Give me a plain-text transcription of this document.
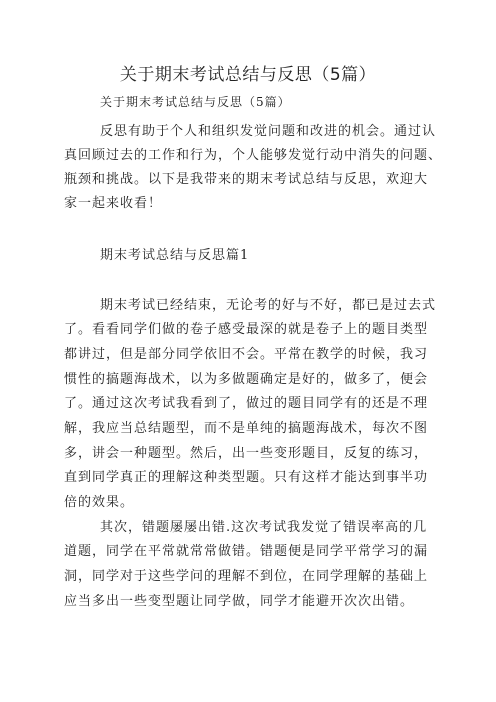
关于期末考试总结与反思（5篇）
关于期末考试总结与反思（5篇）
反思有助于个人和组织发觉问题和改进的机会。通过认
真回顾过去的工作和行为，个人能够发觉行动中消失的问题、
瓶颈和挑战。以下是我带来的期末考试总结与反思，欢迎大
家一起来收看！
期末考试总结与反思篇1
期末考试已经结束，无论考的好与不好，都已是过去式
了。看看同学们做的卷子感受最深的就是卷子上的题目类型
都讲过，但是部分同学依旧不会。平常在教学的时候，我习
惯性的搞题海战术，以为多做题确定是好的，做多了，便会
了。通过这次考试我看到了，做过的题目同学有的还是不理
解，我应当总结题型，而不是单纯的搞题海战术，每次不图
多，讲会一种题型。然后，出一些变形题目，反复的练习，
直到同学真正的理解这种类型题。只有这样才能达到事半功
倍的效果。
其次，错题屡屡出错.这次考试我发觉了错误率高的几
道题，同学在平常就常常做错。错题便是同学平常学习的漏
洞，同学对于这些学问的理解不到位，在同学理解的基础上
应当多出一些变型题让同学做，同学才能避开次次出错。
